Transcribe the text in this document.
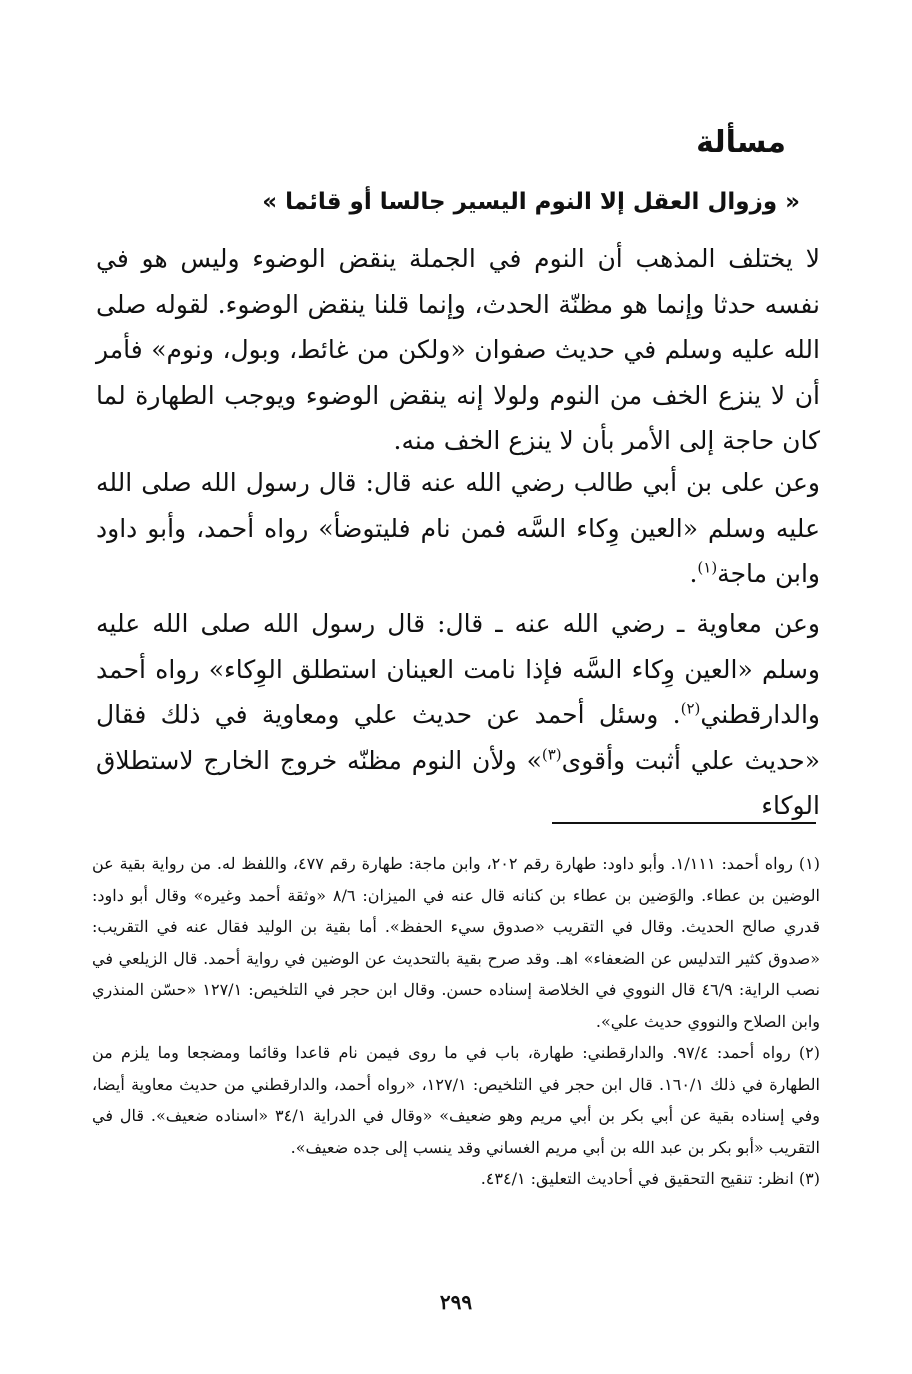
مسألة
« وزوال العقل إلا النوم اليسير جالسا أو قائما »

لا يختلف المذهب أن النوم في الجملة ينقض الوضوء وليس هو في نفسه حدثا وإنما هو مظنّة الحدث، وإنما قلنا ينقض الوضوء. لقوله صلى الله عليه وسلم في حديث صفوان «ولكن من غائط، وبول، ونوم» فأمر أن لا ينزع الخف من النوم ولولا إنه ينقض الوضوء ويوجب الطهارة لما كان حاجة إلى الأمر بأن لا ينزع الخف منه.

وعن على بن أبي طالب رضي الله عنه قال: قال رسول الله صلى الله عليه وسلم «العين وِكاء السَّه فمن نام فليتوضأ» رواه أحمد، وأبو داود وابن ماجة$^{(١)}$.

وعن معاوية ـ رضي الله عنه ـ قال: قال رسول الله صلى الله عليه وسلم «العين وِكاء السَّه فإذا نامت العينان استطلق الوِكاء» رواه أحمد والدارقطني$^{(٢)}$. وسئل أحمد عن حديث علي ومعاوية في ذلك فقال «حديث علي أثبت وأقوى$^{(٣)}$» ولأن النوم مظنّه خروج الخارج لاستطلاق الوكاء

(١) رواه أحمد: ١/١١١. وأبو داود: طهارة رقم ٢٠٢، وابن ماجة: طهارة رقم ٤٧٧، واللفظ له. من رواية بقية عن الوضين بن عطاء. والوَضين بن عطاء بن كنانه قال عنه في الميزان: ٨/٦ «وثقة أحمد وغيره» وقال أبو داود: قدري صالح الحديث. وقال في التقريب «صدوق سيء الحفظ». أما بقية بن الوليد فقال عنه في التقريب: «صدوق كثير التدليس عن الضعفاء» اهـ. وقد صرح بقية بالتحديث عن الوضين في رواية أحمد. قال الزيلعي في نصب الراية: ٤٦/٩ قال النووي في الخلاصة إسناده حسن. وقال ابن حجر في التلخيص: ١٢٧/١ «حسّن المنذري وابن الصلاح والنووي حديث علي».

(٢) رواه أحمد: ٩٧/٤. والدارقطني: طهارة، باب في ما روى فيمن نام قاعدا وقائما ومضجعا وما يلزم من الطهارة في ذلك ١٦٠/١. قال ابن حجر في التلخيص: ١٢٧/١، «رواه أحمد، والدارقطني من حديث معاوية أيضا، وفي إسناده بقية عن أبي بكر بن أبي مريم وهو ضعيف» «وقال في الدراية ٣٤/١ «اسناده ضعيف». قال في التقريب «أبو بكر بن عبد الله بن أبي مريم الغساني وقد ينسب إلى جده ضعيف».

(٣) انظر: تنقيح التحقيق في أحاديث التعليق: ٤٣٤/١.

٢٩٩
